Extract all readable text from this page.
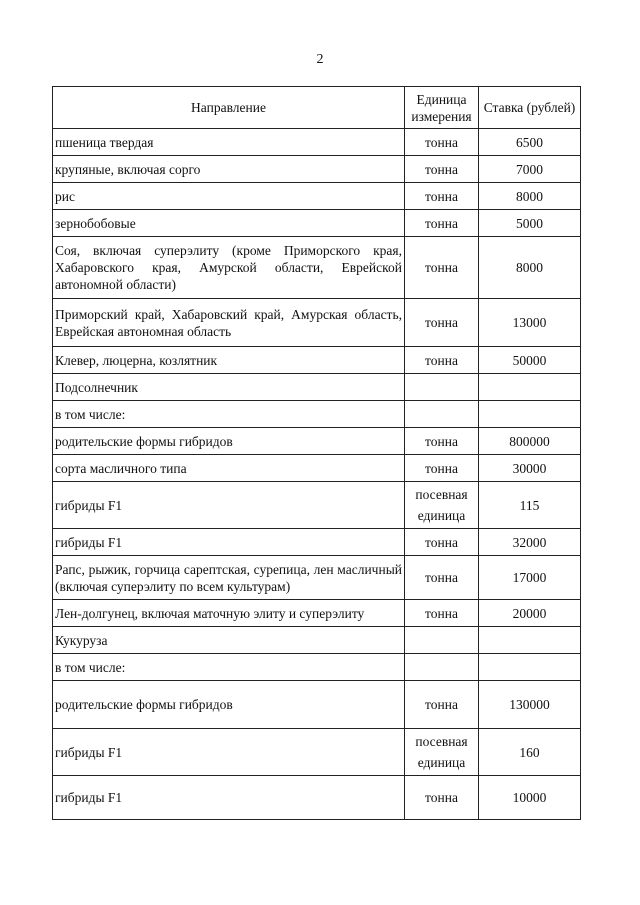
2
Направление	Единица измерения	Ставка (рублей)
пшеница твердая	тонна	6500
крупяные, включая сорго	тонна	7000
рис	тонна	8000
зернобобовые	тонна	5000
Соя, включая суперэлиту (кроме Приморского края, Хабаровского края, Амурской области, Еврейской автономной области)	тонна	8000
Приморский край, Хабаровский край, Амурская область, Еврейская автономная область	тонна	13000
Клевер, люцерна, козлятник	тонна	50000
Подсолнечник		
в том числе:		
родительские формы гибридов	тонна	800000
сорта масличного типа	тонна	30000
гибриды F1	посевная единица	115
гибриды F1	тонна	32000
Рапс, рыжик, горчица сарептская, сурепица, лен масличный (включая суперэлиту по всем культурам)	тонна	17000
Лен-долгунец, включая маточную элиту и суперэлиту	тонна	20000
Кукуруза		
в том числе:		
родительские формы гибридов	тонна	130000
гибриды F1	посевная единица	160
гибриды F1	тонна	10000
